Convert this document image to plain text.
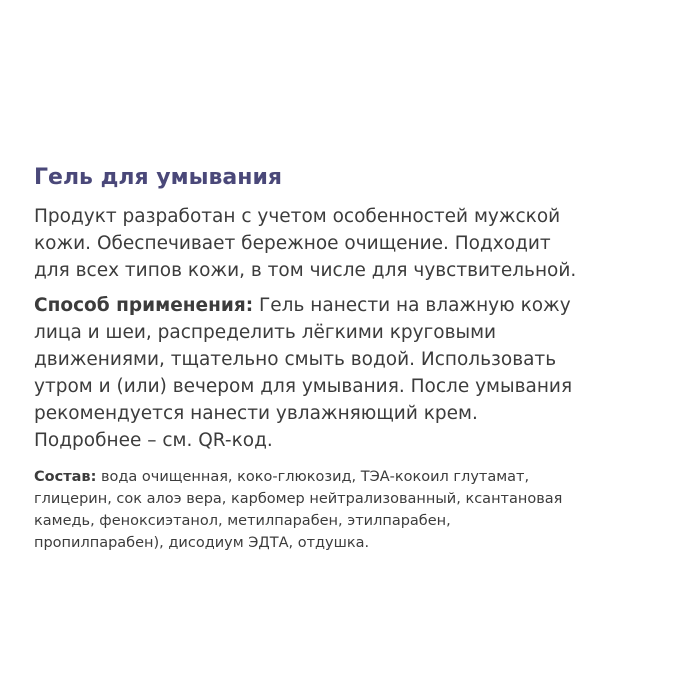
Гель для умывания

Продукт разработан с учетом особенностей мужской
кожи. Обеспечивает бережное очищение. Подходит
для всех типов кожи, в том числе для чувствительной.

Способ применения: Гель нанести на влажную кожу
лица и шеи, распределить лёгкими круговыми
движениями, тщательно смыть водой. Использовать
утром и (или) вечером для умывания. После умывания
рекомендуется нанести увлажняющий крем.
Подробнее – см. QR-код.

Состав: вода очищенная, коко-глюкозид, ТЭА-кокоил глутамат,
глицерин, сок алоэ вера, карбомер нейтрализованный, ксантановая
камедь, феноксиэтанол, метилпарабен, этилпарабен,
пропилпарабен), дисодиум ЭДТА, отдушка.
